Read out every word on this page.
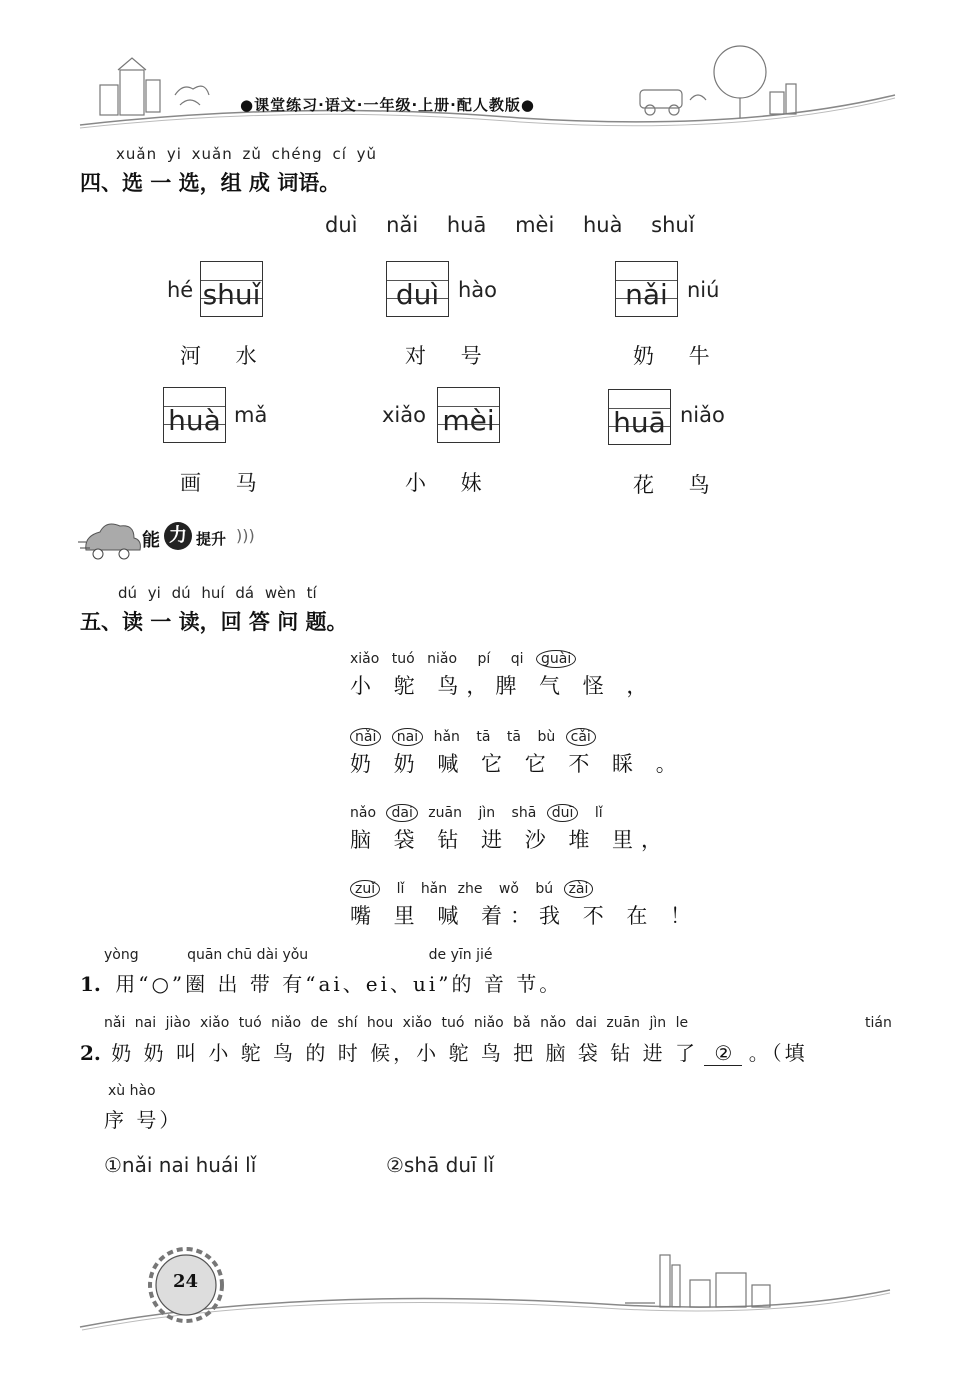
●课堂练习·语文·一年级·上册·配人教版●
xuǎn yi xuǎn zǔ chéng cí yǔ
四、选 一 选，组 成 词语。
duì nǎi huā mèi huà shuǐ
hé shuǐ
河 水
duì hào
对 号
nǎi niú
奶 牛
huà mǎ
画 马
xiǎo mèi
小 妹
huā niǎo
花 鸟
能 力 提升 )))
dú yi dú huí dá wèn tí
五、读 一 读，回 答 问 题。
xiǎo tuó niǎo pí qi guài
小 鸵 鸟，脾 气 怪 ，
nǎi nai hǎn tā tā bù cǎi
奶 奶 喊 它 它 不 睬 。
nǎo dai zuān jìn shā duī lǐ
脑 袋 钻 进 沙 堆 里，
zuǐ lǐ hǎn zhe wǒ bú zài
嘴 里 喊 着：我 不 在 ！
yòng	quān chū dài yǒu	de yīn jié
1. 用“○”圈 出 带 有“ai、ei、ui”的 音 节。
nǎi nai jiào xiǎo tuó niǎo de shí hou xiǎo tuó niǎo bǎ nǎo dai zuān jìn le	tián
2. 奶 奶 叫 小 鸵 鸟 的 时 候，小 鸵 鸟 把 脑 袋 钻 进 了 ② 。（填
xù hào
序 号）
①nǎi nai huái lǐ	②shā duī lǐ
24
